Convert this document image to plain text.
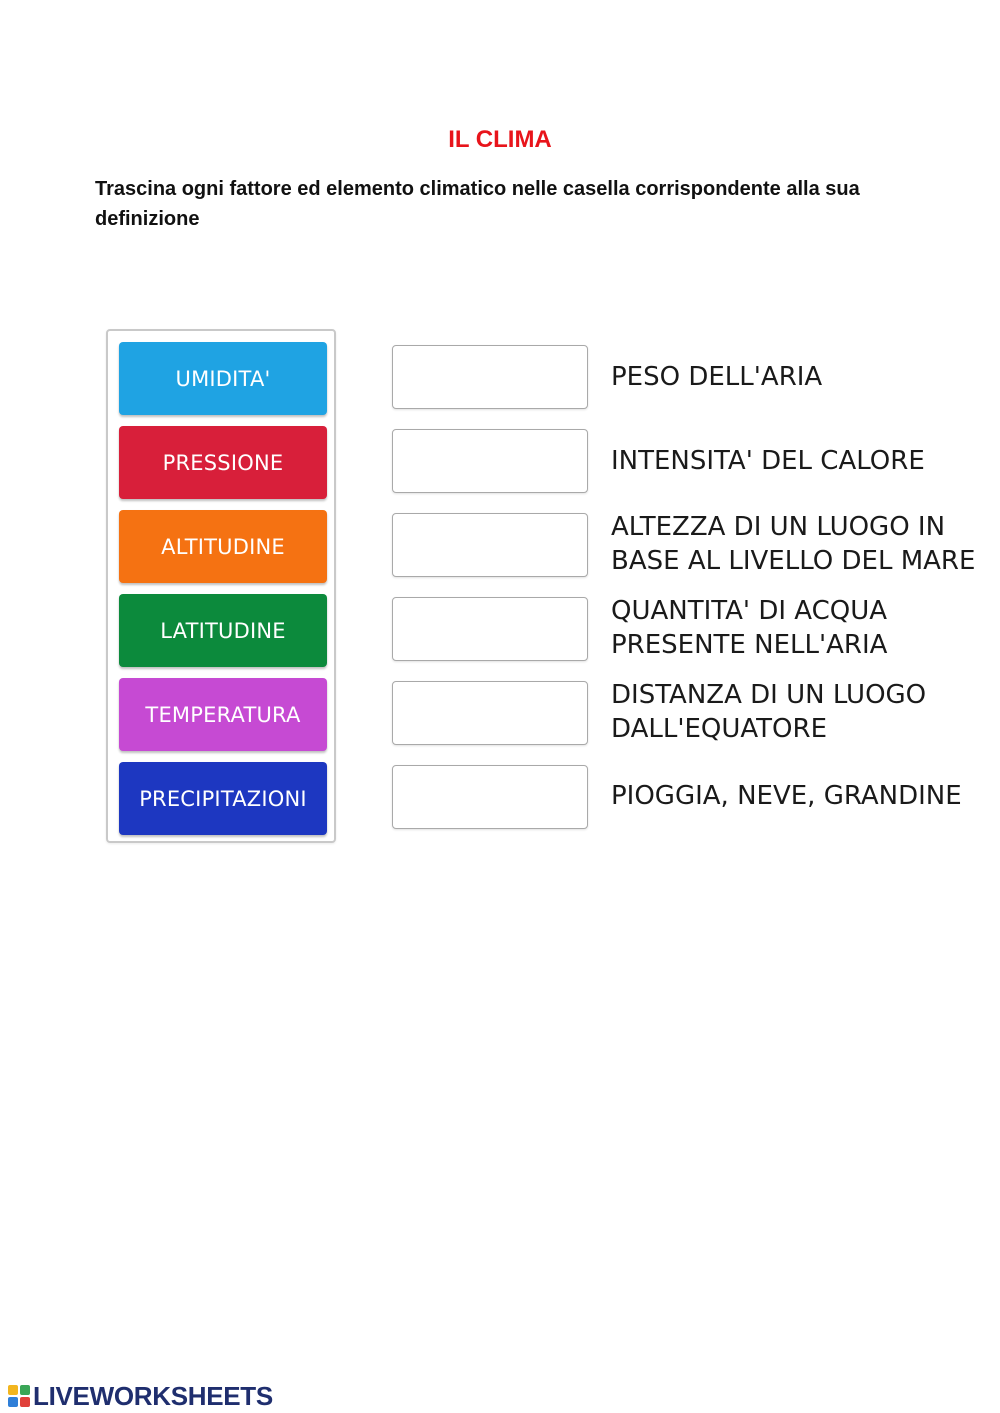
IL CLIMA
Trascina ogni fattore ed elemento climatico nelle casella corrispondente alla sua definizione
UMIDITA'
PRESSIONE
ALTITUDINE
LATITUDINE
TEMPERATURA
PRECIPITAZIONI
PESO DELL'ARIA
INTENSITA' DEL CALORE
ALTEZZA DI UN LUOGO IN
BASE AL LIVELLO DEL MARE
QUANTITA' DI ACQUA
PRESENTE NELL'ARIA
DISTANZA DI UN LUOGO
DALL'EQUATORE
PIOGGIA, NEVE, GRANDINE
LIVEWORKSHEETS
